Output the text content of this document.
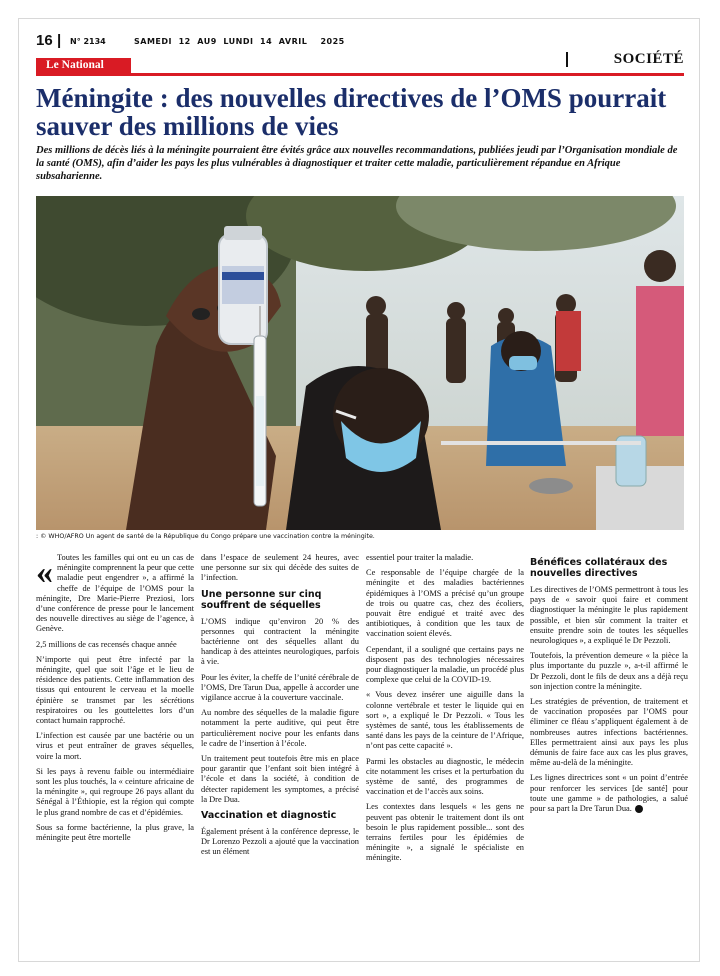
16 | N° 2134	SAMEDI  12  AU9  LUNDI  14  AVRIL    2025
Le National	SOCIÉTÉ
Méningite : des nouvelles directives de l’OMS pourrait sauver des millions de vies

Des millions de décès liés à la méningite pourraient être évités grâce aux nouvelles recommandations, publiées jeudi par l’Organisation mondiale de la santé (OMS), afin d’aider les pays les plus vulnérables à diagnostiquer et traiter cette maladie, particulièrement répandue en Afrique subsaharienne.

: © WHO/AFRO Un agent de santé de la République du Congo prépare une vaccination contre la méningite.
« Toutes les familles qui ont eu un cas de méningite comprennent la peur que cette maladie peut engendrer », a affirmé la cheffe de l’équipe de l’OMS pour la méningite, Dre Marie-Pierre Preziosi, lors d’une conférence de presse pour le lancement des nouvelle directives au siège de l’agence, à Genève.

2,5 millions de cas recensés chaque année

N’importe qui peut être infecté par la méningite, quel que soit l’âge et le lieu de résidence des patients. Cette inflammation des tissus qui entourent le cerveau et la moelle épinière se transmet par les sécrétions respiratoires ou les gouttelettes lors d’un contact humain rapproché.

L’infection est causée par une bactérie ou un virus et peut entraîner de graves séquelles, voire la mort.

Si les pays à revenu faible ou intermédiaire sont les plus touchés, la « ceinture africaine de la méningite », qui regroupe 26 pays allant du Sénégal à l’Éthiopie, est la région qui compte le plus grand nombre de cas et d’épidémies.

Sous sa forme bactérienne, la plus grave, la méningite peut être mortelle

dans l’espace de seulement 24 heures, avec une personne sur six qui décède des suites de l’infection.

Une personne sur cinq souffrent de séquelles

L’OMS indique qu’environ 20 % des personnes qui contractent la méningite bactérienne ont des séquelles allant du handicap à des atteintes neurologiques, parfois à vie.

Pour les éviter, la cheffe de l’unité cérébrale de l’OMS, Dre Tarun Dua, appelle à accorder une vigilance accrue à la couverture vaccinale.

Au nombre des séquelles de la maladie figure notamment la perte auditive, qui peut être particulièrement nocive pour les enfants dans le cadre de l’insertion à l’école.

Un traitement peut toutefois être mis en place pour garantir que l’enfant soit bien intégré à l’école et dans la société, à condition de détecter rapidement les symptomes, a précisé la Dre Dua.

Vaccination et diagnostic

Également présent à la conférence depresse, le Dr Lorenzo Pezzoli a ajouté que la vaccination est un élément

essentiel pour traiter la maladie.

Ce responsable de l’équipe chargée de la méningite et des maladies bactériennes épidémiques à l’OMS a précisé qu’un groupe de trois ou quatre cas, chez des écoliers, pouvait être endigué et traité avec des antibiotiques, à condition que les taux de vaccination soient élevés.

Cependant, il a souligné que certains pays ne disposent pas des technologies nécessaires pour diagnostiquer la maladie, un procédé plus complexe que celui de la COVID-19.

« Vous devez insérer une aiguille dans la colonne vertébrale et tester le liquide qui en sort », a expliqué le Dr Pezzoli. « Tous les systèmes de santé, tous les établissements de santé dans les pays de la ceinture de l’Afrique, n’ont pas cette capacité ».

Parmi les obstacles au diagnostic, le médecin cite notamment les crises et la perturbation du système de santé, des programmes de vaccination et de l’accès aux soins.

Les contextes dans lesquels « les gens ne peuvent pas obtenir le traitement dont ils ont besoin le plus rapidement possible... sont des terrains fertiles pour les épidémies de méningite », a signalé le spécialiste en méningite.

Bénéfices collatéraux des nouvelles directives

Les directives de l’OMS permettront à tous les pays de « savoir quoi faire et comment diagnostiquer la méningite le plus rapidement possible, et bien sûr comment la traiter et ensuite prendre soin de toutes les séquelles neurologiques », a expliqué le Dr Pezzoli.

Toutefois, la prévention demeure « la pièce la plus importante du puzzle », a-t-il affirmé le Dr Pezzoli, dont le fils de deux ans a déjà reçu son injection contre la méningite.

Les stratégies de prévention, de traitement et de vaccination proposées par l’OMS pour éliminer ce fléau s’appliquent également à de nombreuses autres infections bactériennes. Elles permettraient ainsi aux pays les plus démunis de faire face aux cas les plus graves, même au-delà de la méningite.

Les lignes directrices sont « un point d’entrée pour renforcer les services [de santé] pour toute une gamme » de pathologies, a salué pour sa part la Dre Tarun Dua.
